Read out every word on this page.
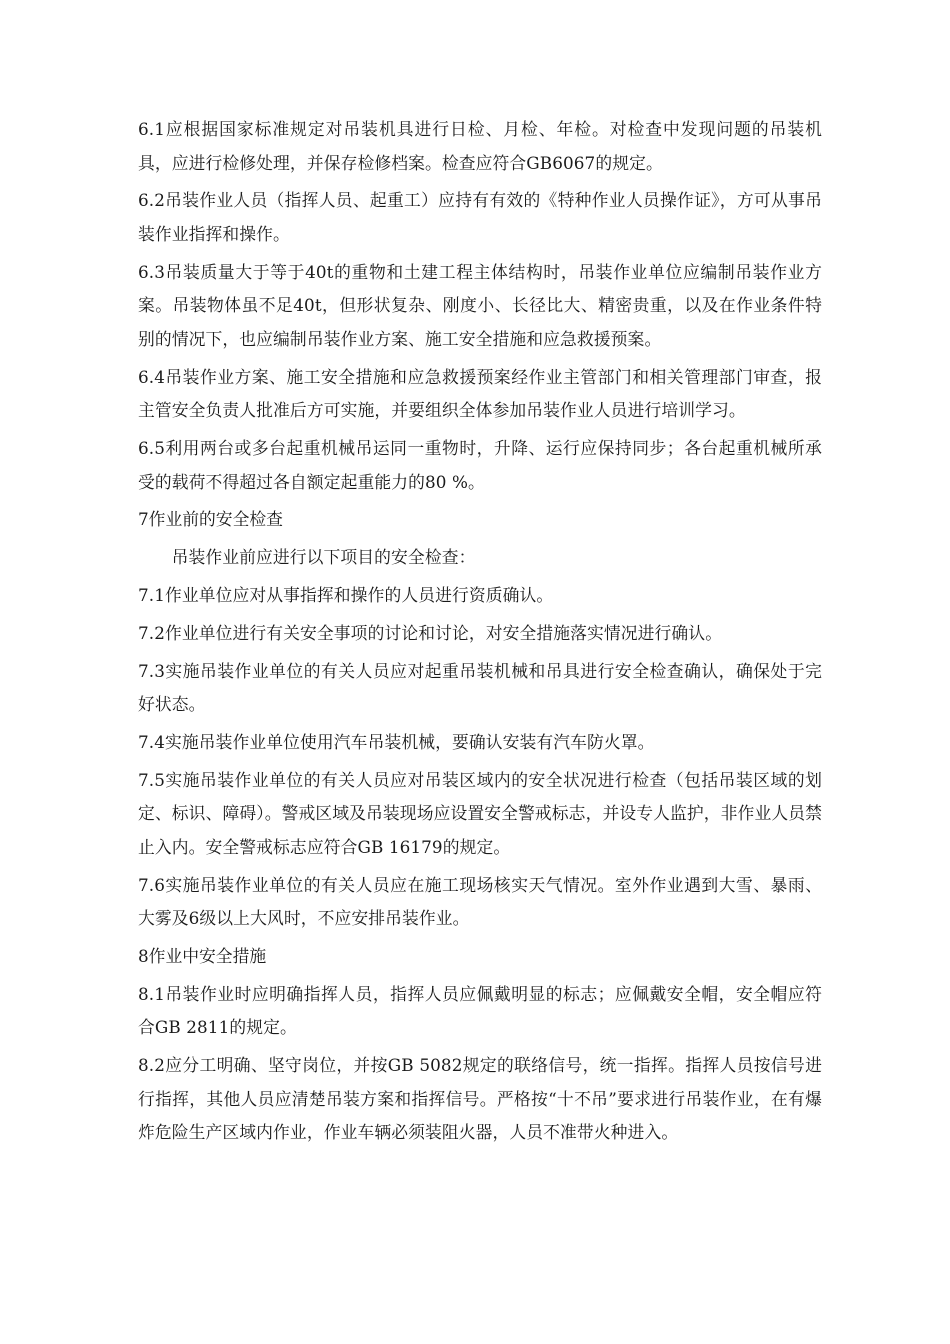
6.1应根据国家标准规定对吊装机具进行日检、月检、年检。对检查中发现问题的吊装机具，应进行检修处理，并保存检修档案。检查应符合GB6067的规定。

6.2吊装作业人员（指挥人员、起重工）应持有有效的《特种作业人员操作证》，方可从事吊装作业指挥和操作。

6.3吊装质量大于等于40t的重物和土建工程主体结构时，吊装作业单位应编制吊装作业方案。吊装物体虽不足40t，但形状复杂、刚度小、长径比大、精密贵重，以及在作业条件特别的情况下，也应编制吊装作业方案、施工安全措施和应急救援预案。

6.4吊装作业方案、施工安全措施和应急救援预案经作业主管部门和相关管理部门审查，报主管安全负责人批准后方可实施，并要组织全体参加吊装作业人员进行培训学习。

6.5利用两台或多台起重机械吊运同一重物时，升降、运行应保持同步；各台起重机械所承受的载荷不得超过各自额定起重能力的80 %。

7作业前的安全检查

吊装作业前应进行以下项目的安全检查：

7.1作业单位应对从事指挥和操作的人员进行资质确认。

7.2作业单位进行有关安全事项的讨论和讨论，对安全措施落实情况进行确认。

7.3实施吊装作业单位的有关人员应对起重吊装机械和吊具进行安全检查确认，确保处于完好状态。

7.4实施吊装作业单位使用汽车吊装机械，要确认安装有汽车防火罩。

7.5实施吊装作业单位的有关人员应对吊装区域内的安全状况进行检查（包括吊装区域的划定、标识、障碍）。警戒区域及吊装现场应设置安全警戒标志，并设专人监护，非作业人员禁止入内。安全警戒标志应符合GB 16179的规定。

7.6实施吊装作业单位的有关人员应在施工现场核实天气情况。室外作业遇到大雪、暴雨、大雾及6级以上大风时，不应安排吊装作业。

8作业中安全措施

8.1吊装作业时应明确指挥人员，指挥人员应佩戴明显的标志；应佩戴安全帽，安全帽应符合GB 2811的规定。

8.2应分工明确、坚守岗位，并按GB 5082规定的联络信号，统一指挥。指挥人员按信号进行指挥，其他人员应清楚吊装方案和指挥信号。严格按“十不吊”要求进行吊装作业，在有爆炸危险生产区域内作业，作业车辆必须装阻火器，人员不准带火种进入。
